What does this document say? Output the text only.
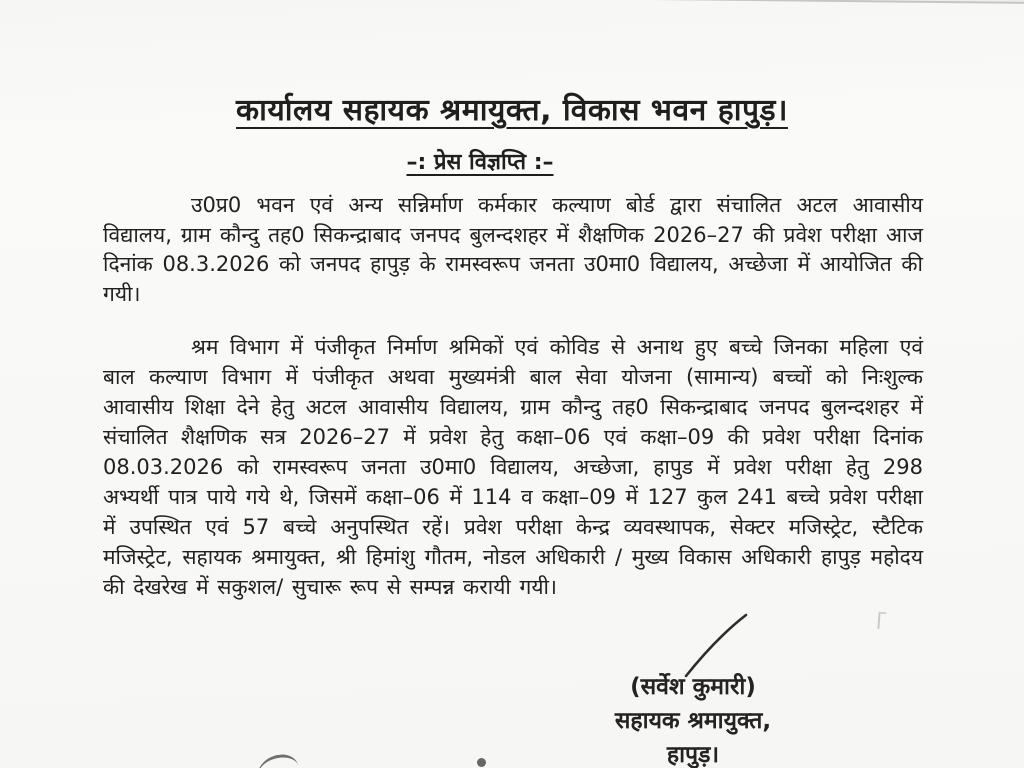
कार्यालय सहायक श्रमायुक्त, विकास भवन हापुड़।
–: प्रेस विज्ञप्ति :–

उ0प्र0 भवन एवं अन्य सन्निर्माण कर्मकार कल्याण बोर्ड द्वारा संचालित अटल आवासीय विद्यालय, ग्राम कौन्दु तह0 सिकन्द्राबाद जनपद बुलन्दशहर में शैक्षणिक 2026–27 की प्रवेश परीक्षा आज दिनांक 08.3.2026 को जनपद हापुड़ के रामस्वरूप जनता उ0मा0 विद्यालय, अच्छेजा में आयोजित की गयी।

श्रम विभाग में पंजीकृत निर्माण श्रमिकों एवं कोविड से अनाथ हुए बच्चे जिनका महिला एवं बाल कल्याण विभाग में पंजीकृत अथवा मुख्यमंत्री बाल सेवा योजना (सामान्य) बच्चों को निःशुल्क आवासीय शिक्षा देने हेतु अटल आवासीय विद्यालय, ग्राम कौन्दु तह0 सिकन्द्राबाद जनपद बुलन्दशहर में संचालित शैक्षणिक सत्र 2026–27 में प्रवेश हेतु कक्षा–06 एवं कक्षा–09 की प्रवेश परीक्षा दिनांक 08.03.2026 को रामस्वरूप जनता उ0मा0 विद्यालय, अच्छेजा, हापुड में प्रवेश परीक्षा हेतु 298 अभ्यर्थी पात्र पाये गये थे, जिसमें कक्षा–06 में 114 व कक्षा–09 में 127 कुल 241 बच्चे प्रवेश परीक्षा में उपस्थित एवं 57 बच्चे अनुपस्थित रहें। प्रवेश परीक्षा केन्द्र व्यवस्थापक, सेक्टर मजिस्ट्रेट, स्टैटिक मजिस्ट्रेट, सहायक श्रमायुक्त, श्री हिमांशु गौतम, नोडल अधिकारी / मुख्य विकास अधिकारी हापुड़ महोदय की देखरेख में सकुशल/ सुचारू रूप से सम्पन्न करायी गयी।

(सर्वेश कुमारी)
सहायक श्रमायुक्त,
हापुड़।
